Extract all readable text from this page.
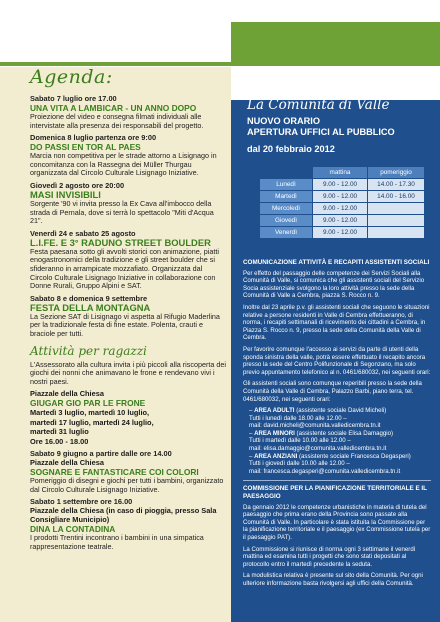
Agenda:
Sabato 7 luglio ore 17.00
UNA VITA A LAMBICAR - UN ANNO DOPO
Proiezione del video e consegna filmati individuali alle intervistate alla presenza dei responsabili del progetto.
Domenica 8 luglio partenza ore 9:00
DO PASSI EN TOR AL PAES
Marcia non competitiva per le strade attorno a Lisignago in concomitanza con la Rassegna dei Müller Thurgau organizzata dal Circolo Culturale Lisignago Iniziative.
Giovedì 2 agosto ore 20:00
MASI INVISIBILI
Sorgente '90 vi invita presso la Ex Cava all'imbocco della strada di Pernala, dove si terrà lo spettacolo "Miti d'Acqua 21".
Venerdì 24 e sabato 25 agosto
L.I.FE. E 3° RADUNO STREET BOULDER
Festa paesana sotto gli avvolti storici con animazione, piatti enogastronomici della tradizione e gli street boulder che si sfideranno in arrampicate mozzafiato. Organizzata dal Circolo Culturale Lisignago Iniziative in collaborazione con Donne Rurali, Gruppo Alpini e SAT.
Sabato 8 e domenica 9 settembre
FESTA DELLA MONTAGNA
La Sezione SAT di Lisignago vi aspetta al Rifugio Maderlina per la tradizionale festa di fine estate. Polenta, crauti e braciole per tutti.
Attività per ragazzi
L'Assessorato alla cultura invita i più piccoli alla riscoperta dei giochi dei nonni che animavano le frone e rendevano vivi i nostri paesi.
Piazzale della Chiesa
GIUGAR GIO PAR LE FRONE
Martedì 3 luglio, martedì 10 luglio,
martedì 17 luglio, martedì 24 luglio,
martedì 31 luglio
Ore 16.00 - 18.00
Sabato 9 giugno a partire dalle ore 14.00
Piazzale della Chiesa
SOGNARE E FANTASTICARE COI COLORI
Pomeriggio di disegni e giochi per tutti i bambini, organizzato dal Circolo Culturale Lisignago Iniziative.
Sabato 1 settembre ore 16.00
Piazzale della Chiesa (in caso di pioggia, presso Sala Consigliare Municipio)
DINA LA CONTADINA
I prodotti Trentini incontrano i bambini in una simpatica rappresentazione teatrale.
La Comunità di Valle
NUOVO ORARIO
APERTURA UFFICI AL PUBBLICO
dal 20 febbraio 2012
	mattina	pomeriggio
Lunedì	9.00 - 12.00	14.00 - 17.30
Martedì	9.00 - 12.00	14.00 - 16.00
Mercoledì	9.00 - 12.00	
Giovedì	9.00 - 12.00	
Venerdì	9.00 - 12.00	
COMUNICAZIONE ATTIVITÀ E RECAPITI ASSISTENTI SOCIALI

Per effetto del passaggio delle competenze dei Servizi Sociali alla Comunità di Valle, si comunica che gli assistenti sociali del Servizio Socia assistenziale svolgono la loro attività presso la sede della Comunità di Valle a Cembra, piazza S. Rocco n. 9.

Inoltre dal 23 aprile p.v. gli assistenti sociali che seguono le situazioni relative a persone residenti in Valle di Cembra effettueranno, di norma, i recapiti settimanali di ricevimento dei cittadini a Cembra, in Piazza S. Rocco n. 9, presso la sede della Comunità della Valle di Cembra.

Per favorire comunque l'accesso ai servizi da parte di utenti della sponda sinistra della valle, potrà essere effettuato il recapito ancora presso la sede del Centro Polifunzionale di Segonzano, ma solo previo appuntamento telefonico al n. 0461/680032, nei seguenti orari:

Gli assistenti sociali sono comunque reperibili presso la sede della Comunità della Valle di Cembra, Palazzo Barbi, piano terra, tel. 0461/680032, nei seguenti orari:

– AREA ADULTI (assistente sociale David Micheli)
Tutti i lunedì dalle 18.00 alle 12.00 –
mail: david.micheli@comunita.valledicembra.tn.it
– AREA MINORI (assistente sociale Elisa Damaggio)
Tutti i martedì dalle 10.00 alle 12.00 –
mail: elisa.damaggio@comunita.valledicembra.tn.it
– AREA ANZIANI (assistente sociale Francesca Degasperi)
Tutti i giovedì dalle 10.00 alle 12.00 –
mail: francesca.degasperi@comunita.valledicembra.tn.it
COMMISSIONE PER LA PIANIFICAZIONE TERRITORIALE E IL PAESAGGIO

Da gennaio 2012 le competenze urbanistiche in materia di tutela del paesaggio che prima erano della Provincia sono passate alla Comunità di Valle. In particolare è stata istituita la Commissione per la pianificazione territoriale e il paesaggio (ex Commissione tutela per il paesaggio PAT).

La Commissione si riunisce di norma ogni 3 settimane il venerdì mattina ed esamina tutti i progetti che sono stati depositati al protocollo entro il martedì precedente la seduta.

La modulistica relativa è presente sul sito della Comunità. Per ogni ulteriore informazione basta rivolgersi agli uffici della Comunità.
